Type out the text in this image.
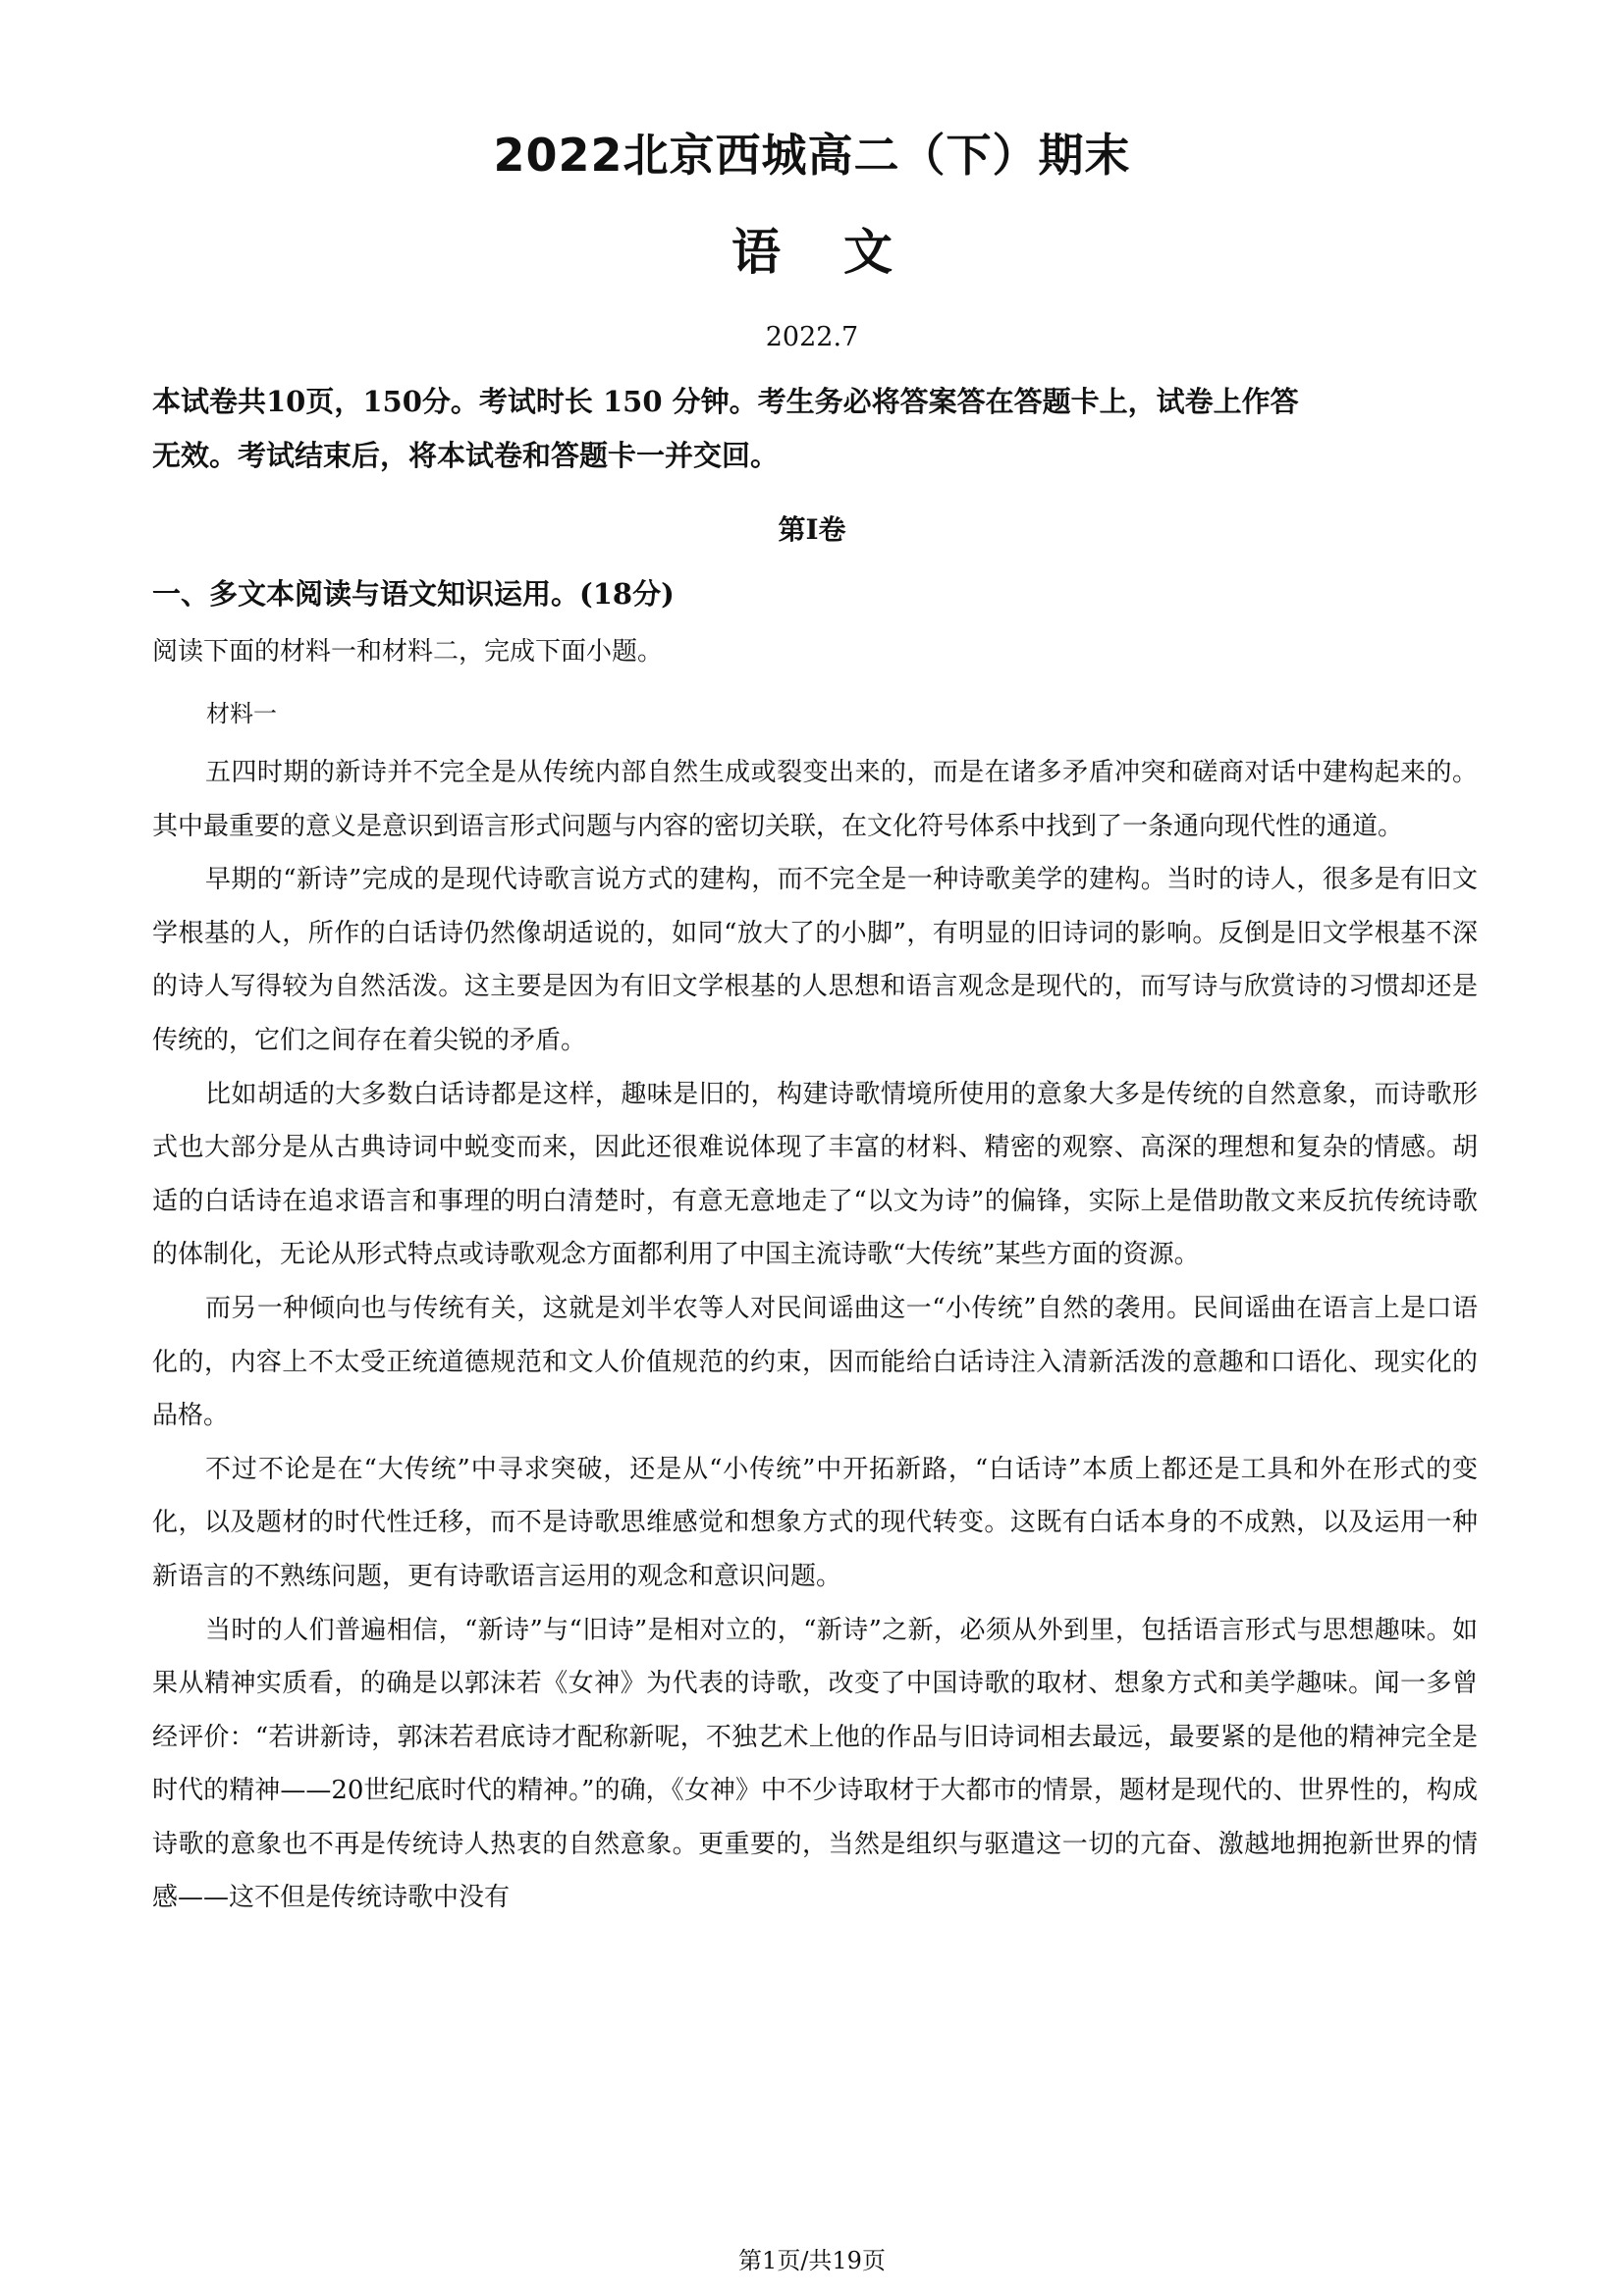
2022北京西城高二（下）期末
语文
2022.7

本试卷共10页，150分。考试时长 150 分钟。考生务必将答案答在答题卡上，试卷上作答

无效。考试结束后，将本试卷和答题卡一并交回。

第Ⅰ卷
一、多文本阅读与语文知识运用。(18分)
阅读下面的材料一和材料二，完成下面小题。
材料一

五四时期的新诗并不完全是从传统内部自然生成或裂变出来的，而是在诸多矛盾冲突和磋商对话中建构起来的。其中最重要的意义是意识到语言形式问题与内容的密切关联，在文化符号体系中找到了一条通向现代性的通道。

早期的“新诗”完成的是现代诗歌言说方式的建构，而不完全是一种诗歌美学的建构。当时的诗人，很多是有旧文学根基的人，所作的白话诗仍然像胡适说的，如同“放大了的小脚”，有明显的旧诗词的影响。反倒是旧文学根基不深的诗人写得较为自然活泼。这主要是因为有旧文学根基的人思想和语言观念是现代的，而写诗与欣赏诗的习惯却还是传统的，它们之间存在着尖锐的矛盾。

比如胡适的大多数白话诗都是这样，趣味是旧的，构建诗歌情境所使用的意象大多是传统的自然意象，而诗歌形式也大部分是从古典诗词中蜕变而来，因此还很难说体现了丰富的材料、精密的观察、高深的理想和复杂的情感。胡适的白话诗在追求语言和事理的明白清楚时，有意无意地走了“以文为诗”的偏锋，实际上是借助散文来反抗传统诗歌的体制化，无论从形式特点或诗歌观念方面都利用了中国主流诗歌“大传统”某些方面的资源。

而另一种倾向也与传统有关，这就是刘半农等人对民间谣曲这一“小传统”自然的袭用。民间谣曲在语言上是口语化的，内容上不太受正统道德规范和文人价值规范的约束，因而能给白话诗注入清新活泼的意趣和口语化、现实化的品格。

不过不论是在“大传统”中寻求突破，还是从“小传统”中开拓新路，“白话诗”本质上都还是工具和外在形式的变化，以及题材的时代性迁移，而不是诗歌思维感觉和想象方式的现代转变。这既有白话本身的不成熟，以及运用一种新语言的不熟练问题，更有诗歌语言运用的观念和意识问题。

当时的人们普遍相信，“新诗”与“旧诗”是相对立的，“新诗”之新，必须从外到里，包括语言形式与思想趣味。如果从精神实质看，的确是以郭沫若《女神》为代表的诗歌，改变了中国诗歌的取材、想象方式和美学趣味。闻一多曾经评价：“若讲新诗，郭沫若君底诗才配称新呢，不独艺术上他的作品与旧诗词相去最远，最要紧的是他的精神完全是时代的精神——20世纪底时代的精神。”的确，《女神》中不少诗取材于大都市的情景，题材是现代的、世界性的，构成诗歌的意象也不再是传统诗人热衷的自然意象。更重要的，当然是组织与驱遣这一切的亢奋、激越地拥抱新世界的情感——这不但是传统诗歌中没有

第1页/共19页
